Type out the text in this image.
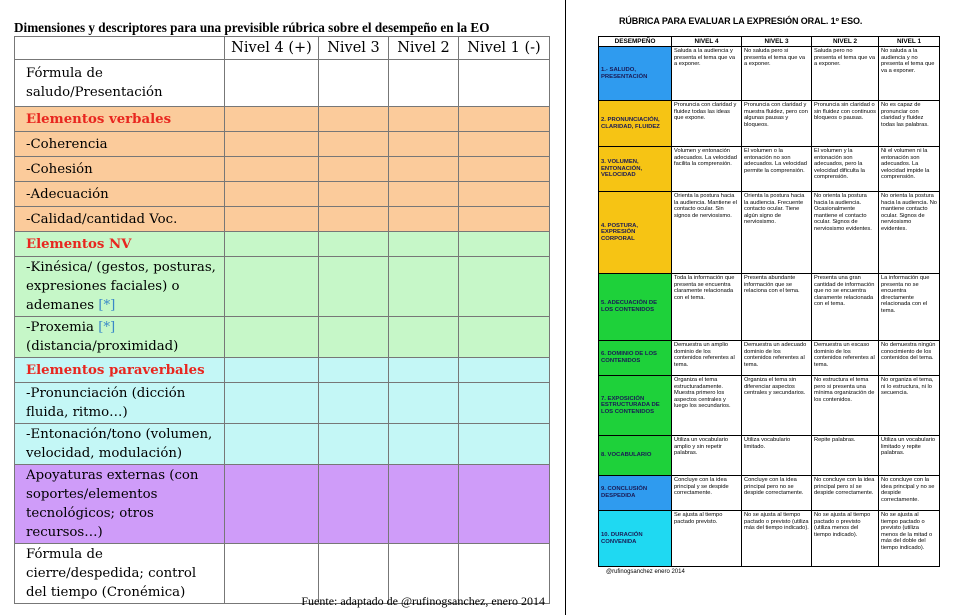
Dimensiones y descriptores para una previsible rúbrica sobre el desempeño en la EO
	Nivel 4 (+)	Nivel 3	Nivel 2	Nivel 1 (-)
Fórmula de saludo/Presentación				
Elementos verbales				
-Coherencia				
-Cohesión				
-Adecuación				
-Calidad/cantidad Voc.				
Elementos NV				
-Kinésica/ (gestos, posturas, expresiones faciales) o ademanes [*]				
-Proxemia [*] (distancia/proximidad)				
Elementos paraverbales				
-Pronunciación (dicción fluida, ritmo…)				
-Entonación/tono (volumen, velocidad, modulación)				
Apoyaturas externas (con soportes/elementos tecnológicos; otros recursos…)				
Fórmula de cierre/despedida; control del tiempo (Cronémica)				
Fuente: adaptado de @rufinogsanchez, enero 2014
RÚBRICA PARA EVALUAR LA EXPRESIÓN ORAL. 1º ESO.
DESEMPEÑO	NIVEL 4	NIVEL 3	NIVEL 2	NIVEL 1
1.- SALUDO, PRESENTACIÓN	Saluda a la audiencia y presenta el tema que va a exponer.	No saluda pero si presenta el tema que va a exponer.	Saluda pero no presenta el tema que va a exponer.	No saluda a la audiencia y no presenta el tema que va a exponer.
2. PRONUNCIACIÓN, CLARIDAD, FLUIDEZ	Pronuncia con claridad y fluidez todas las ideas que expone.	Pronuncia con claridad y muestra fluidez, pero con algunas pausas y bloqueos.	Pronuncia sin claridad o sin fluidez con continuos bloqueos o pausas.	No es capaz de pronunciar con claridad y fluidez todas las palabras.
3. VOLUMEN, ENTONACIÓN, VELOCIDAD	Volumen y entonación adecuados. La velocidad facilita la comprensión.	El volumen o la entonación no son adecuados. La velocidad permite la comprensión.	El volumen y la entonación son adecuados, pero la velocidad dificulta la comprensión.	Ni el volumen ni la entonación son adecuados. La velocidad impide la comprensión.
4. POSTURA, EXPRESIÓN CORPORAL	Orienta la postura hacia la audiencia. Mantiene el contacto ocular. Sin signos de nerviosismo.	Orienta la postura hacia la audiencia. Frecuente contacto ocular. Tiene algún signo de nerviosismo.	No orienta la postura hacia la audiencia. Ocasionalmente mantiene el contacto ocular. Signos de nerviosismo evidentes.	No orienta la postura hacia la audiencia. No mantiene contacto ocular. Signos de nerviosismo evidentes.
5. ADECUACIÓN DE LOS CONTENIDOS	Toda la información que presenta se encuentra claramente relacionada con el tema.	Presenta abundante información que se relaciona con el tema.	Presenta una gran cantidad de información que no se encuentra claramente relacionada con el tema.	La información que presenta no se encuentra directamente relacionada con el tema.
6. DOMINIO DE LOS CONTENIDOS	Demuestra un amplio dominio de los contenidos referentes al tema.	Demuestra un adecuado dominio de los contenidos referentes al tema.	Demuestra un escaso dominio de los contenidos referentes al tema.	No demuestra ningún conocimiento de los contenidos del tema.
7. EXPOSICIÓN ESTRUCTURADA DE LOS CONTENIDOS	Organiza el tema estructuradamente. Muestra primero los aspectos centrales y luego los secundarios.	Organiza el tema sin diferenciar aspectos centrales y secundarios.	No estructura el tema pero si presenta una mínima organización de los contenidos.	No organiza el tema, ni lo estructura, ni lo secuencia.
8. VOCABULARIO	Utiliza un vocabulario amplio y sin repetir palabras.	Utiliza vocabulario limitado.	Repite palabras.	Utiliza un vocabulario limitado y repite palabras.
9. CONCLUSIÓN DESPEDIDA	Concluye con la idea principal y se despide correctamente.	Concluye con la idea principal pero no se despide correctamente.	No concluye con la idea principal pero sí se despide correctamente.	No concluye con la idea principal y no se despide correctamente.
10. DURACIÓN CONVENIDA	Se ajusta al tiempo pactado previsto.	No se ajusta al tiempo pactado o previsto (utiliza más del tiempo indicado).	No se ajusta al tiempo pactado o previsto (utiliza menos del tiempo indicado).	No se ajusta al tiempo pactado o previsto (utiliza menos de la mitad o más del doble del tiempo indicado).
@rufinogsanchez enero 2014
